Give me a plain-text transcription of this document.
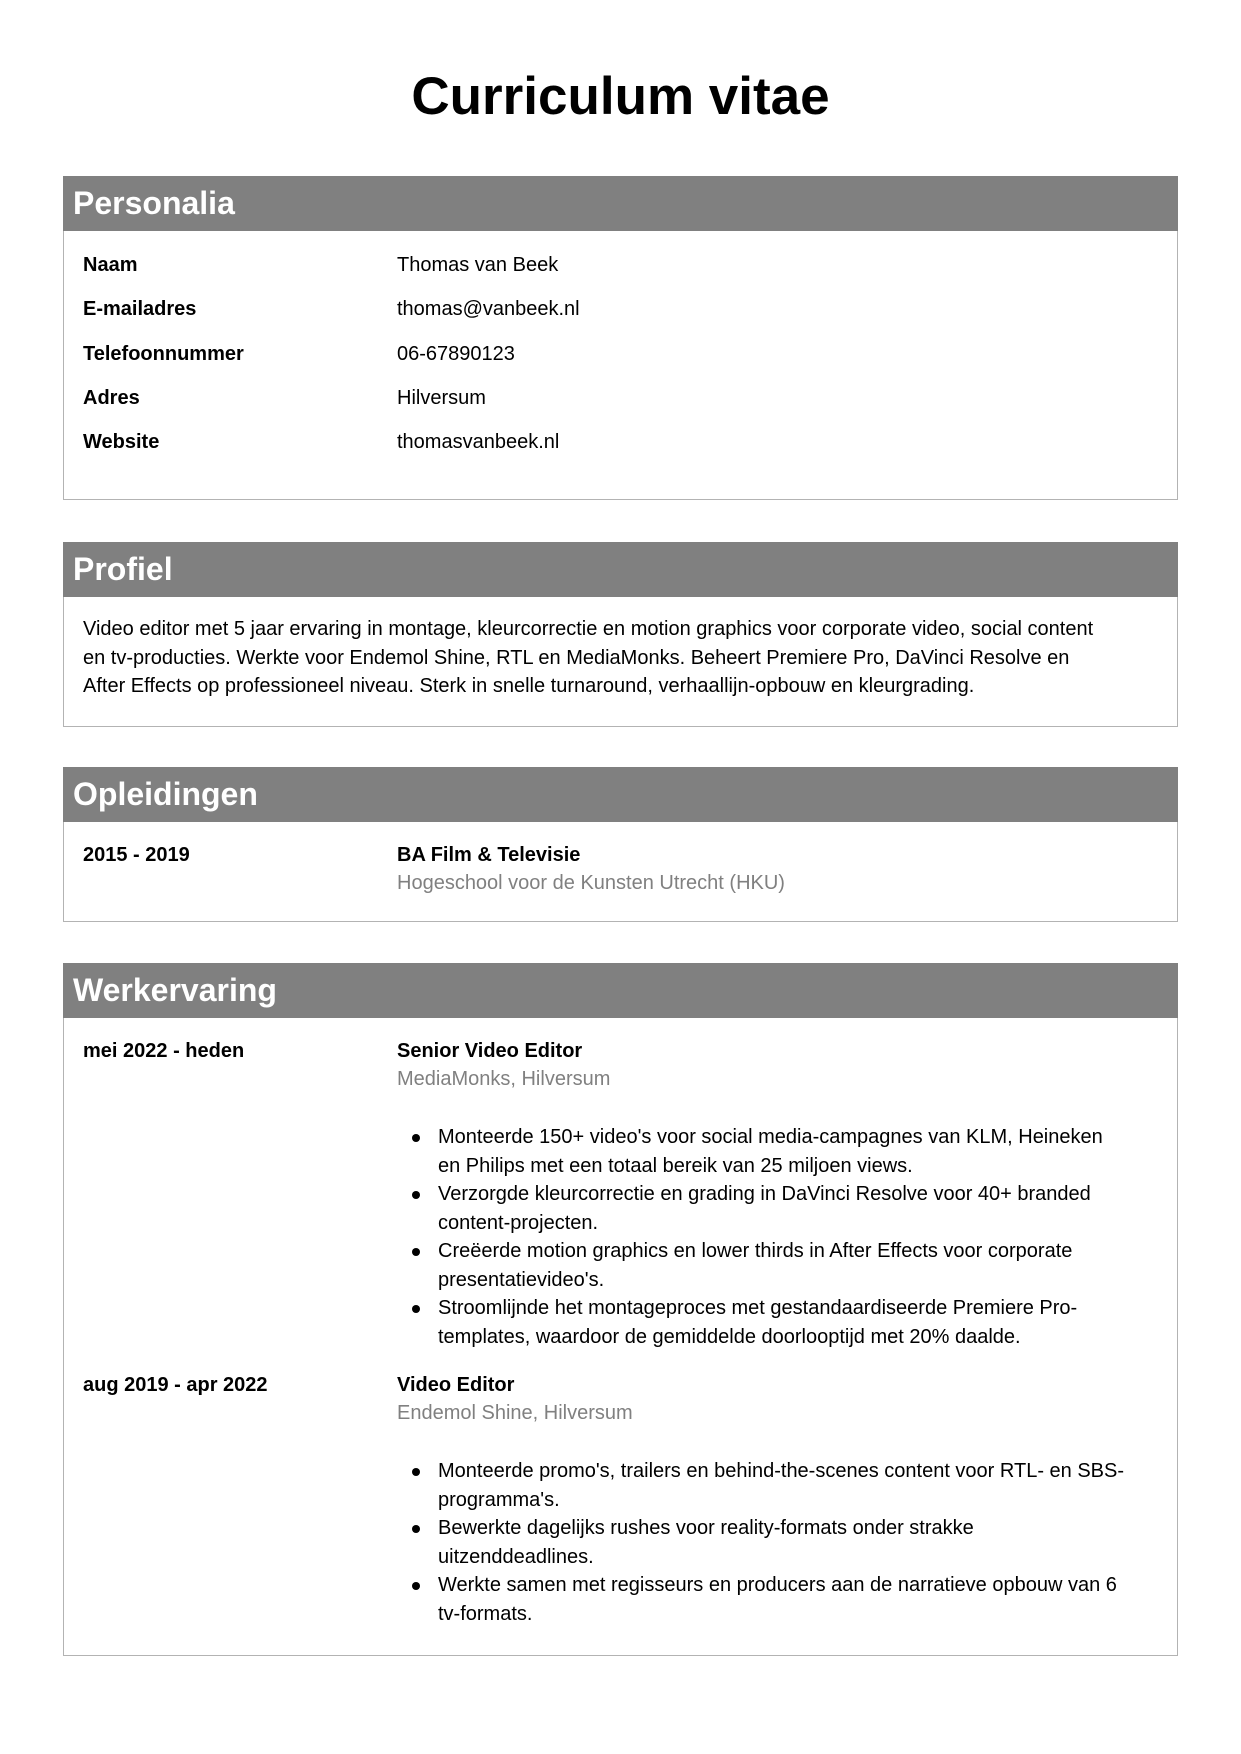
Curriculum vitae
Personalia
Naam	Thomas van Beek
E-mailadres	thomas@vanbeek.nl
Telefoonnummer	06-67890123
Adres	Hilversum
Website	thomasvanbeek.nl
Profiel
Video editor met 5 jaar ervaring in montage, kleurcorrectie en motion graphics voor corporate video, social content
en tv-producties. Werkte voor Endemol Shine, RTL en MediaMonks. Beheert Premiere Pro, DaVinci Resolve en
After Effects op professioneel niveau. Sterk in snelle turnaround, verhaallijn-opbouw en kleurgrading.
Opleidingen
2015 - 2019	BA Film & Televisie
Hogeschool voor de Kunsten Utrecht (HKU)
Werkervaring
mei 2022 - heden	Senior Video Editor
MediaMonks, Hilversum
Monteerde 150+ video's voor social media-campagnes van KLM, Heineken
en Philips met een totaal bereik van 25 miljoen views.
Verzorgde kleurcorrectie en grading in DaVinci Resolve voor 40+ branded
content-projecten.
Creëerde motion graphics en lower thirds in After Effects voor corporate
presentatievideo's.
Stroomlijnde het montageproces met gestandaardiseerde Premiere Pro-
templates, waardoor de gemiddelde doorlooptijd met 20% daalde.
aug 2019 - apr 2022	Video Editor
Endemol Shine, Hilversum
Monteerde promo's, trailers en behind-the-scenes content voor RTL- en SBS-
programma's.
Bewerkte dagelijks rushes voor reality-formats onder strakke
uitzenddeadlines.
Werkte samen met regisseurs en producers aan de narratieve opbouw van 6
tv-formats.
